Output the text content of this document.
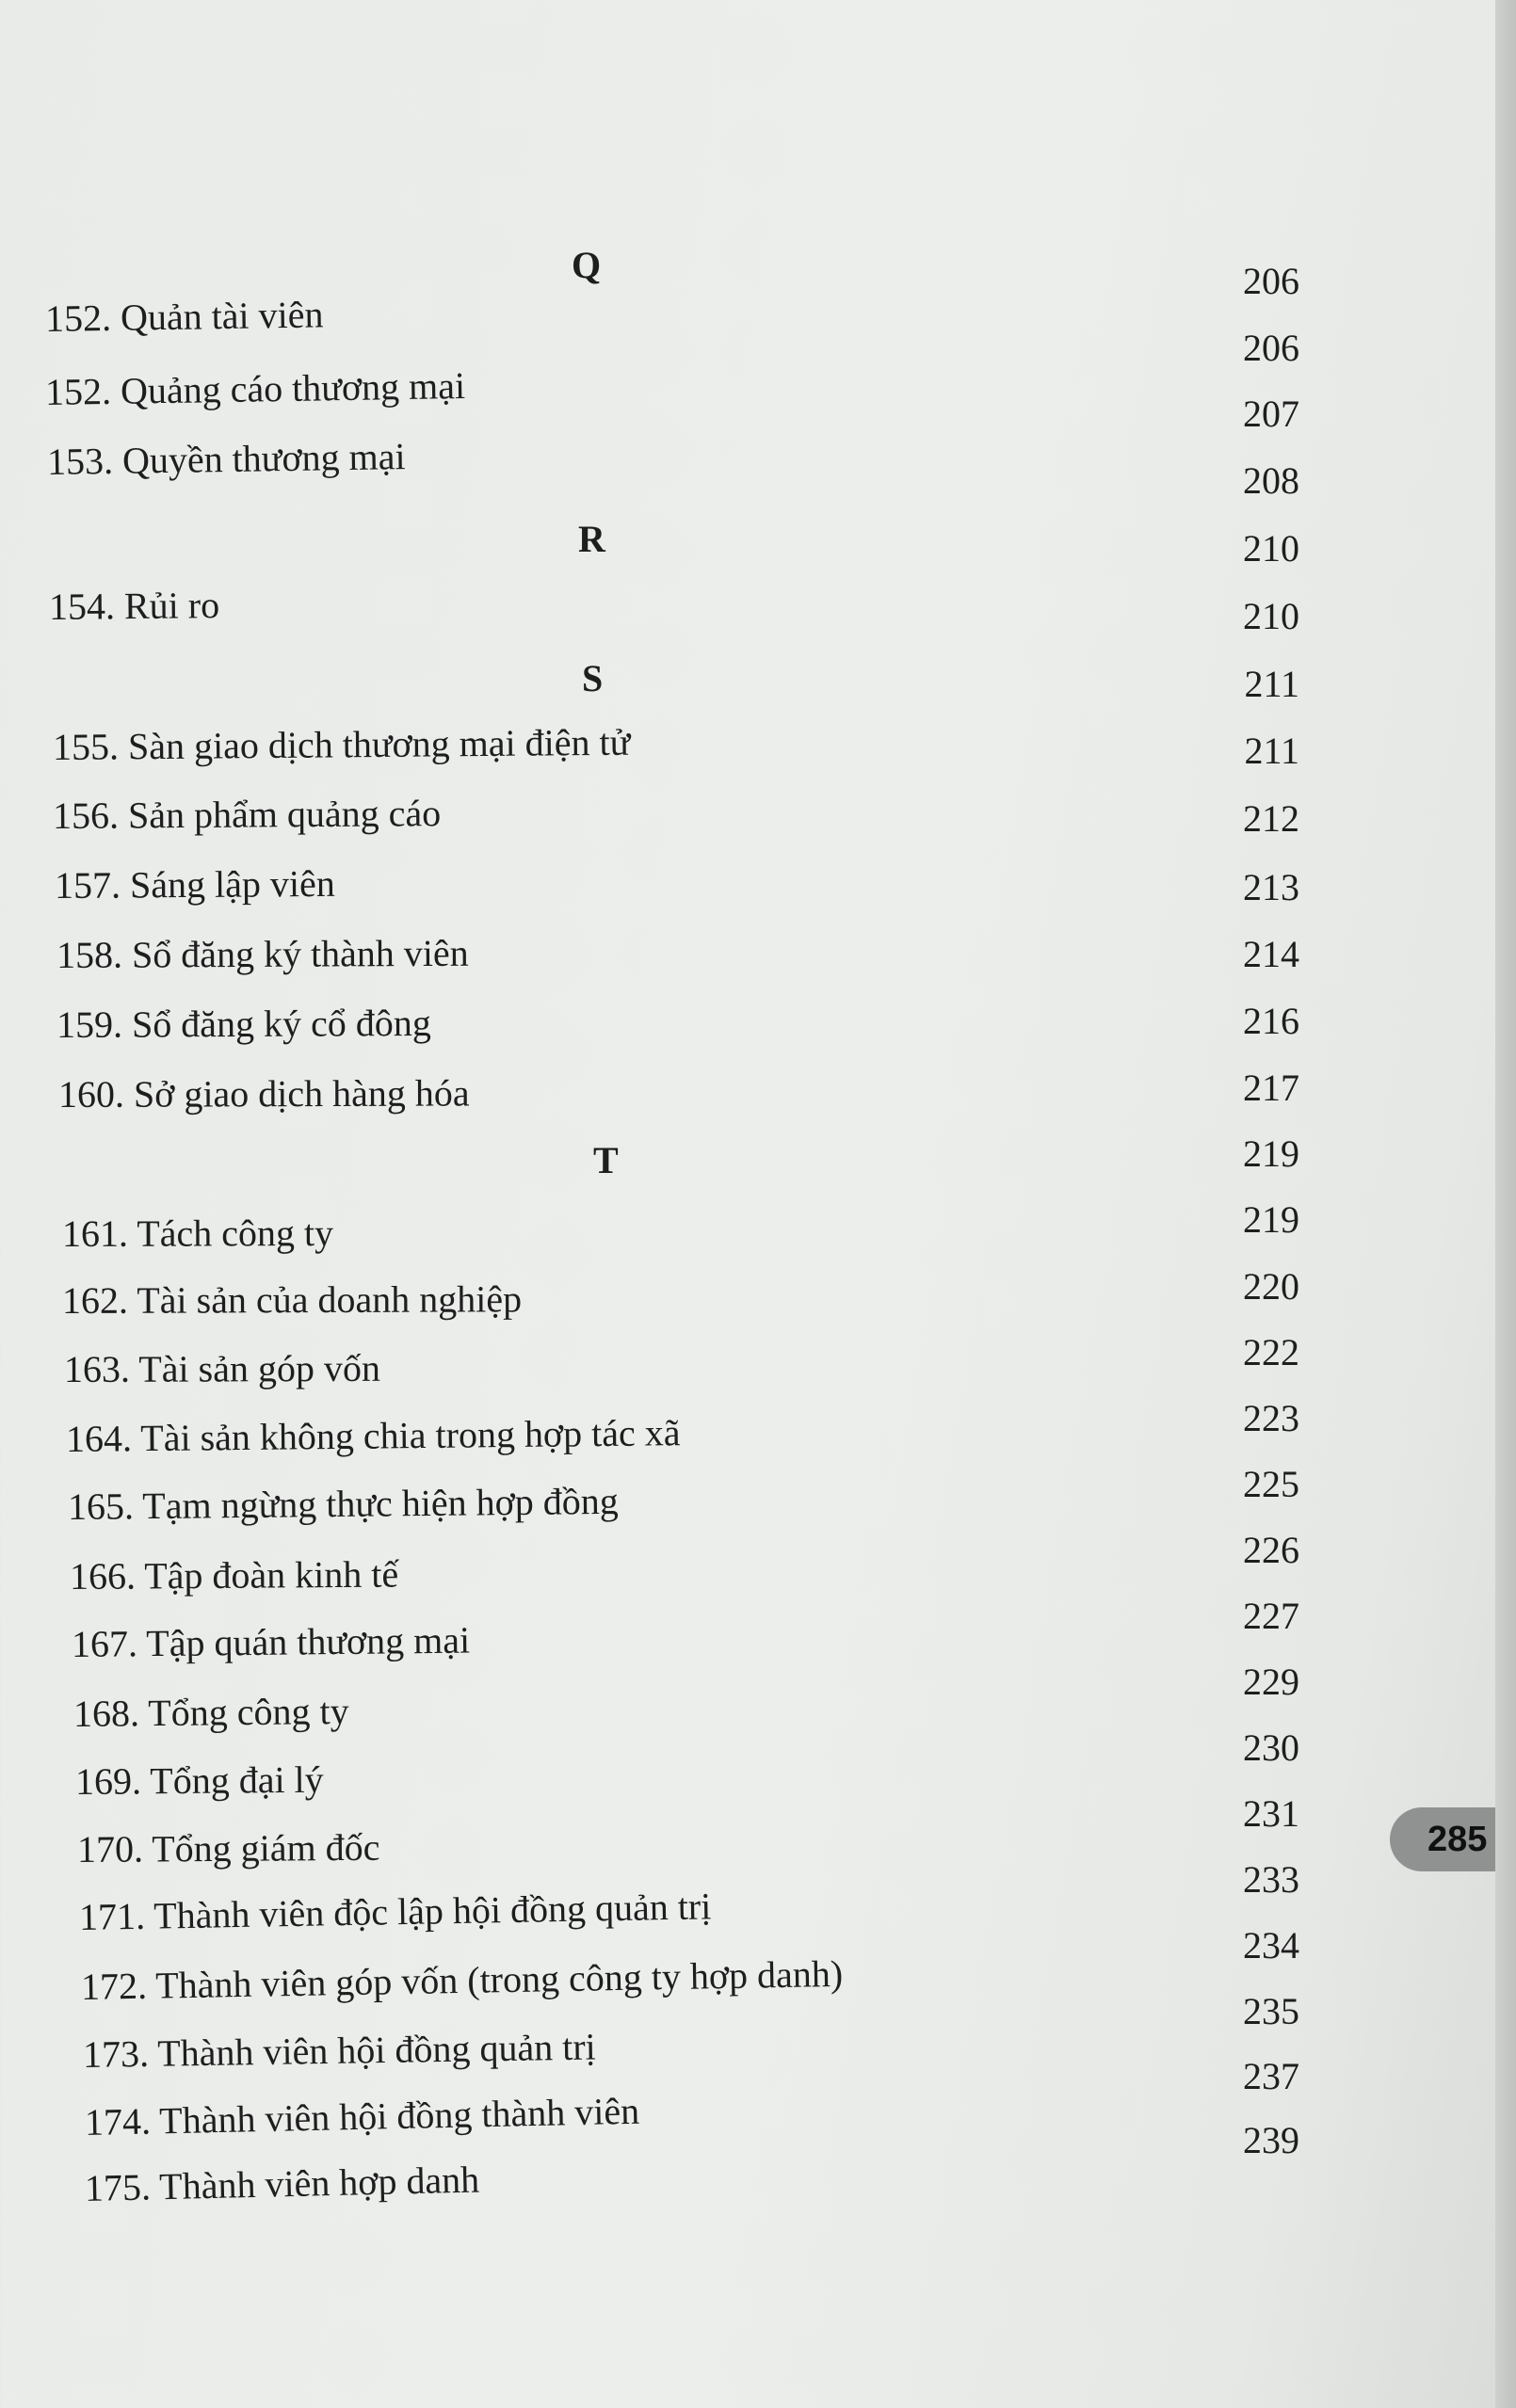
Q
R
S
T
152. Quản tài viên
152. Quảng cáo thương mại
153. Quyền thương mại
154. Rủi ro
155. Sàn giao dịch thương mại điện tử
156. Sản phẩm quảng cáo
157. Sáng lập viên
158. Sổ đăng ký thành viên
159. Sổ đăng ký cổ đông
160. Sở giao dịch hàng hóa
161. Tách công ty
162. Tài sản của doanh nghiệp
163. Tài sản góp vốn
164. Tài sản không chia trong hợp tác xã
165. Tạm ngừng thực hiện hợp đồng
166. Tập đoàn kinh tế
167. Tập quán thương mại
168. Tổng công ty
169. Tổng đại lý
170. Tổng giám đốc
171. Thành viên độc lập hội đồng quản trị
172. Thành viên góp vốn (trong công ty hợp danh)
173. Thành viên hội đồng quản trị
174. Thành viên hội đồng thành viên
175. Thành viên hợp danh
206
206
207
208
210
210
211
211
212
213
214
216
217
219
219
220
222
223
225
226
227
229
230
231
233
234
235
237
239
285
